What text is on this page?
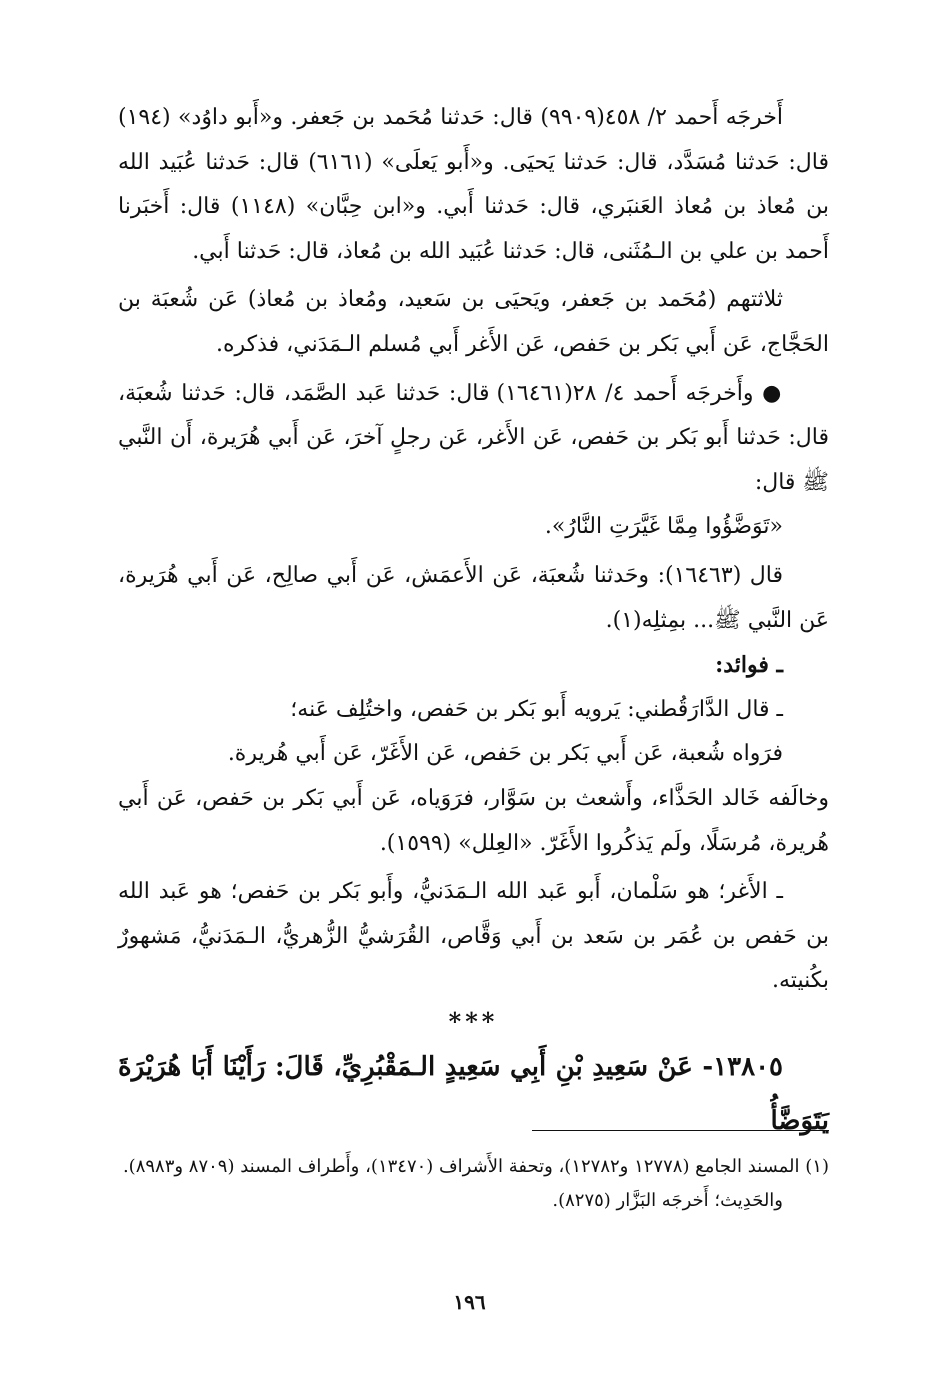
أَخرجَه أَحمد ٢/ ٤٥٨(٩٩٠٩) قال: حَدثنا مُحَمد بن جَعفر. و«أَبو داوُد» (١٩٤) قال: حَدثنا مُسَدَّد، قال: حَدثنا يَحيَى. و«أَبو يَعلَى» (٦١٦١) قال: حَدثنا عُبَيد الله بن مُعاذ بن مُعاذ العَنبَري، قال: حَدثنا أَبي. و«ابن حِبَّان» (١١٤٨) قال: أَخبَرنا أَحمد بن علي بن الـمُثَنى، قال: حَدثنا عُبَيد الله بن مُعاذ، قال: حَدثنا أَبي.

ثلاثتهم (مُحَمد بن جَعفر، ويَحيَى بن سَعيد، ومُعاذ بن مُعاذ) عَن شُعبَة بن الحَجَّاج، عَن أَبي بَكر بن حَفص، عَن الأَغر أَبي مُسلم الـمَدَني، فذكره.

● وأَخرجَه أَحمد ٤/ ٢٨(١٦٤٦١) قال: حَدثنا عَبد الصَّمَد، قال: حَدثنا شُعبَة، قال: حَدثنا أَبو بَكر بن حَفص، عَن الأَغر، عَن رجلٍ آخرَ، عَن أَبي هُرَيرة، أَن النَّبي ﷺ قال:

«تَوَضَّؤُوا مِمَّا غَيَّرَتِ النَّارُ».

قال (١٦٤٦٣): وحَدثنا شُعبَة، عَن الأَعمَش، عَن أَبي صالِح، عَن أَبي هُرَيرة، عَن النَّبي ﷺ... بمِثلِه(١).

ـ فوائد:

ـ قال الدَّارَقُطني: يَرويه أَبو بَكر بن حَفص، واختُلِف عَنه؛

فرَواه شُعبة، عَن أَبي بَكر بن حَفص، عَن الأَغَرّ، عَن أَبي هُريرة.

وخالَفه خَالد الحَذَّاء، وأَشعث بن سَوَّار، فرَوَياه، عَن أَبي بَكر بن حَفص، عَن أَبي هُريرة، مُرسَلًا، ولَم يَذكُروا الأَغَرّ. «العِلل» (١٥٩٩).

ـ الأَغر؛ هو سَلْمان، أَبو عَبد الله الـمَدَنيُّ، وأَبو بَكر بن حَفص؛ هو عَبد الله بن حَفص بن عُمَر بن سَعد بن أَبي وَقَّاص، القُرَشيُّ الزُّهريُّ، الـمَدَنيُّ، مَشهورٌ بكُنيته.

***

١٣٨٠٥- عَنْ سَعِيدِ بْنِ أَبِي سَعِيدٍ الـمَقْبُرِيِّ، قَالَ: رَأَيْنَا أَبَا هُرَيْرَةَ يَتَوَضَّأُ

(١) المسند الجامع (١٢٧٧٨ و١٢٧٨٢)، وتحفة الأَشراف (١٣٤٧٠)، وأَطراف المسند (٨٧٠٩ و٨٩٨٣).

والحَدِيث؛ أَخرجَه البَزَّار (٨٢٧٥).

١٩٦
